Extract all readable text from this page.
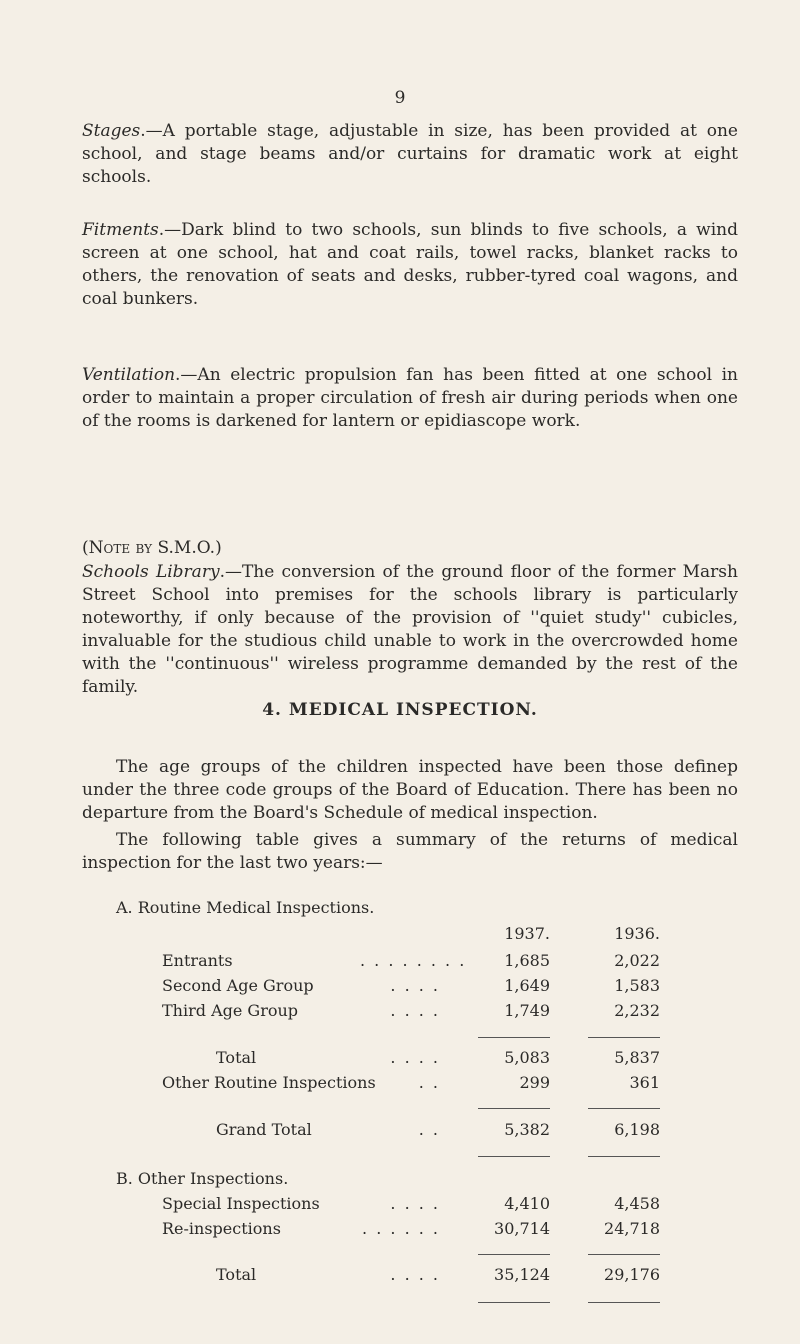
9

Stages.—A portable stage, adjustable in size, has been provided at one school, and stage beams and/or curtains for dramatic work at eight schools.

Fitments.—Dark blind to two schools, sun blinds to five schools, a wind screen at one school, hat and coat rails, towel racks, blanket racks to others, the renovation of seats and desks, rubber-tyred coal wagons, and coal bunkers.

Ventilation.—An electric propulsion fan has been fitted at one school in order to maintain a proper circulation of fresh air during periods when one of the rooms is darkened for lantern or epidiascope work.

(Note by S.M.O.)

Schools Library.—The conversion of the ground floor of the former Marsh Street School into premises for the schools library is particularly noteworthy, if only because of the provision of ''quiet study'' cubicles, invaluable for the studious child unable to work in the overcrowded home with the ''continuous'' wireless programme demanded by the rest of the family.

4. MEDICAL INSPECTION.

The age groups of the children inspected have been those definep under the three code groups of the Board of Education. There has been no departure from the Board's Schedule of medical inspection.

The following table gives a summary of the returns of medical inspection for the last two years:—

A. Routine Medical Inspections.
1937.	1936.
Entrants	. . . . . . . .	1,685	2,022
Second Age Group	. . . .	1,649	1,583
Third Age Group	. . . .	1,749	2,232
Total	. . . .	5,083	5,837
Other Routine Inspections	. .	299	361
Grand Total	. .	5,382	6,198
B. Other Inspections.
Special Inspections	. . . .	4,410	4,458
Re-inspections	. . . . . .	30,714	24,718
Total	. . . .	35,124	29,176
